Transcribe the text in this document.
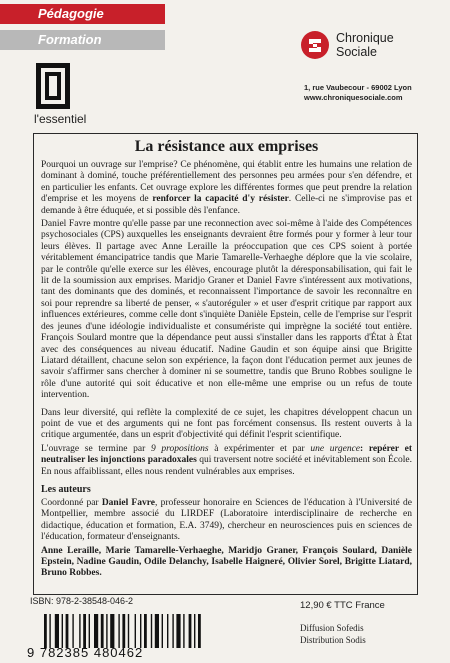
Pédagogie
Formation
l'essentiel
Chronique
Sociale
1, rue Vaubecour - 69002 Lyon
www.chroniquesociale.com
La résistance aux emprises

Pourquoi un ouvrage sur l'emprise? Ce phénomène, qui établit entre les humains une relation de dominant à dominé, touche préférentiellement des personnes peu armées pour s'en défendre, et en particulier les enfants. Cet ouvrage explore les différentes formes que peut prendre la relation d'emprise et les moyens de renforcer la capacité d'y résister. Celle-ci ne s'improvise pas et demande à être éduquée, et si possible dès l'enfance.

Daniel Favre montre qu'elle passe par une reconnection avec soi-même à l'aide des Compétences psychosociales (CPS) auxquelles les enseignants devraient être formés pour y former à leur tour leurs élèves. Il partage avec Anne Leraille la préoccupation que ces CPS soient à portée véritablement émancipatrice tandis que Marie Tamarelle-Verhaeghe déplore que la vie scolaire, par le contrôle qu'elle exerce sur les élèves, encourage plutôt la déresponsabilisation, qui fait le lit de la soumission aux emprises. Maridjo Graner et Daniel Favre s'intéressent aux motivations, tant des dominants que des dominés, et reconnaissent l'importance de savoir les reconnaître en soi pour reprendre sa liberté de penser, « s'autoréguler » et user d'esprit critique par rapport aux influences extérieures, comme celle dont s'inquiète Danièle Epstein, celle de l'emprise sur l'esprit des jeunes d'une idéologie individualiste et consumériste qui imprègne la société tout entière. François Soulard montre que la dépendance peut aussi s'installer dans les rapports d'État à État avec des conséquences au niveau éducatif. Nadine Gaudin et son équipe ainsi que Brigitte Liatard détaillent, chacune selon son expérience, la façon dont l'éducation permet aux jeunes de savoir s'affirmer sans chercher à dominer ni se soumettre, tandis que Bruno Robbes souligne le rôle d'une autorité qui soit éducative et non elle-même une emprise ou un refus de toute intervention.

Dans leur diversité, qui reflète la complexité de ce sujet, les chapitres développent chacun un point de vue et des arguments qui ne font pas forcément consensus. Ils restent ouverts à la critique argumentée, dans un esprit d'objectivité qui définit l'esprit scientifique.

L'ouvrage se termine par 9 propositions à expérimenter et par une urgence: repérer et neutraliser les injonctions paradoxales qui traversent notre société et inévitablement son École. En nous affaiblissant, elles nous rendent vulnérables aux emprises.

Les auteurs

Coordonné par Daniel Favre, professeur honoraire en Sciences de l'éducation à l'Université de Montpellier, membre associé du LIRDEF (Laboratoire interdisciplinaire de recherche en didactique, éducation et formation, E.A. 3749), chercheur en neurosciences puis en sciences de l'éducation, formateur d'enseignants.

Anne Leraille, Marie Tamarelle-Verhaeghe, Maridjo Graner, François Soulard, Danièle Epstein, Nadine Gaudin, Odile Delanchy, Isabelle Haigneré, Olivier Sorel, Brigitte Liatard, Bruno Robbes.

ISBN: 978-2-38548-046-2
9 782385 480462
12,90 € TTC France
Diffusion Sofedis
Distribution Sodis
